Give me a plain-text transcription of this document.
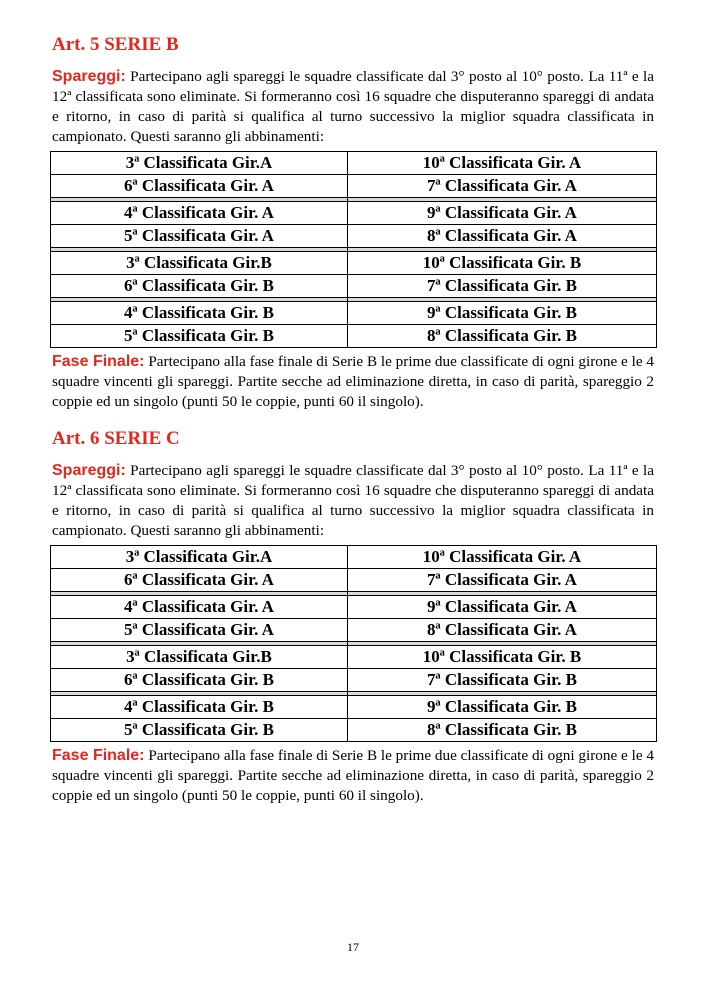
Art. 5 SERIE B

Spareggi: Partecipano agli spareggi le squadre classificate dal 3° posto al 10° posto. La 11ª e la 12ª classificata sono eliminate. Si formeranno così 16 squadre che disputeranno spareggi di andata e ritorno, in caso di parità si qualifica al turno successivo la miglior squadra classificata in campionato. Questi saranno gli abbinamenti:

3ª Classificata Gir.A	10ª Classificata Gir. A
6ª Classificata Gir. A	7ª Classificata Gir. A

4ª Classificata Gir. A	9ª Classificata Gir. A
5ª Classificata Gir. A	8ª Classificata Gir. A

3ª Classificata Gir.B	10ª Classificata Gir. B
6ª Classificata Gir. B	7ª Classificata Gir. B

4ª Classificata Gir. B	9ª Classificata Gir. B
5ª Classificata Gir. B	8ª Classificata Gir. B

Fase Finale: Partecipano alla fase finale di Serie B le prime due classificate di ogni girone e le 4 squadre vincenti gli spareggi. Partite secche ad eliminazione diretta, in caso di parità, spareggio 2 coppie ed un singolo (punti 50 le coppie, punti 60 il singolo).

Art. 6 SERIE C

Spareggi: Partecipano agli spareggi le squadre classificate dal 3° posto al 10° posto. La 11ª e la 12ª classificata sono eliminate. Si formeranno così 16 squadre che disputeranno spareggi di andata e ritorno, in caso di parità si qualifica al turno successivo la miglior squadra classificata in campionato. Questi saranno gli abbinamenti:

3ª Classificata Gir.A	10ª Classificata Gir. A
6ª Classificata Gir. A	7ª Classificata Gir. A

4ª Classificata Gir. A	9ª Classificata Gir. A
5ª Classificata Gir. A	8ª Classificata Gir. A

3ª Classificata Gir.B	10ª Classificata Gir. B
6ª Classificata Gir. B	7ª Classificata Gir. B

4ª Classificata Gir. B	9ª Classificata Gir. B
5ª Classificata Gir. B	8ª Classificata Gir. B

Fase Finale: Partecipano alla fase finale di Serie B le prime due classificate di ogni girone e le 4 squadre vincenti gli spareggi. Partite secche ad eliminazione diretta, in caso di parità, spareggio 2 coppie ed un singolo (punti 50 le coppie, punti 60 il singolo).

17
